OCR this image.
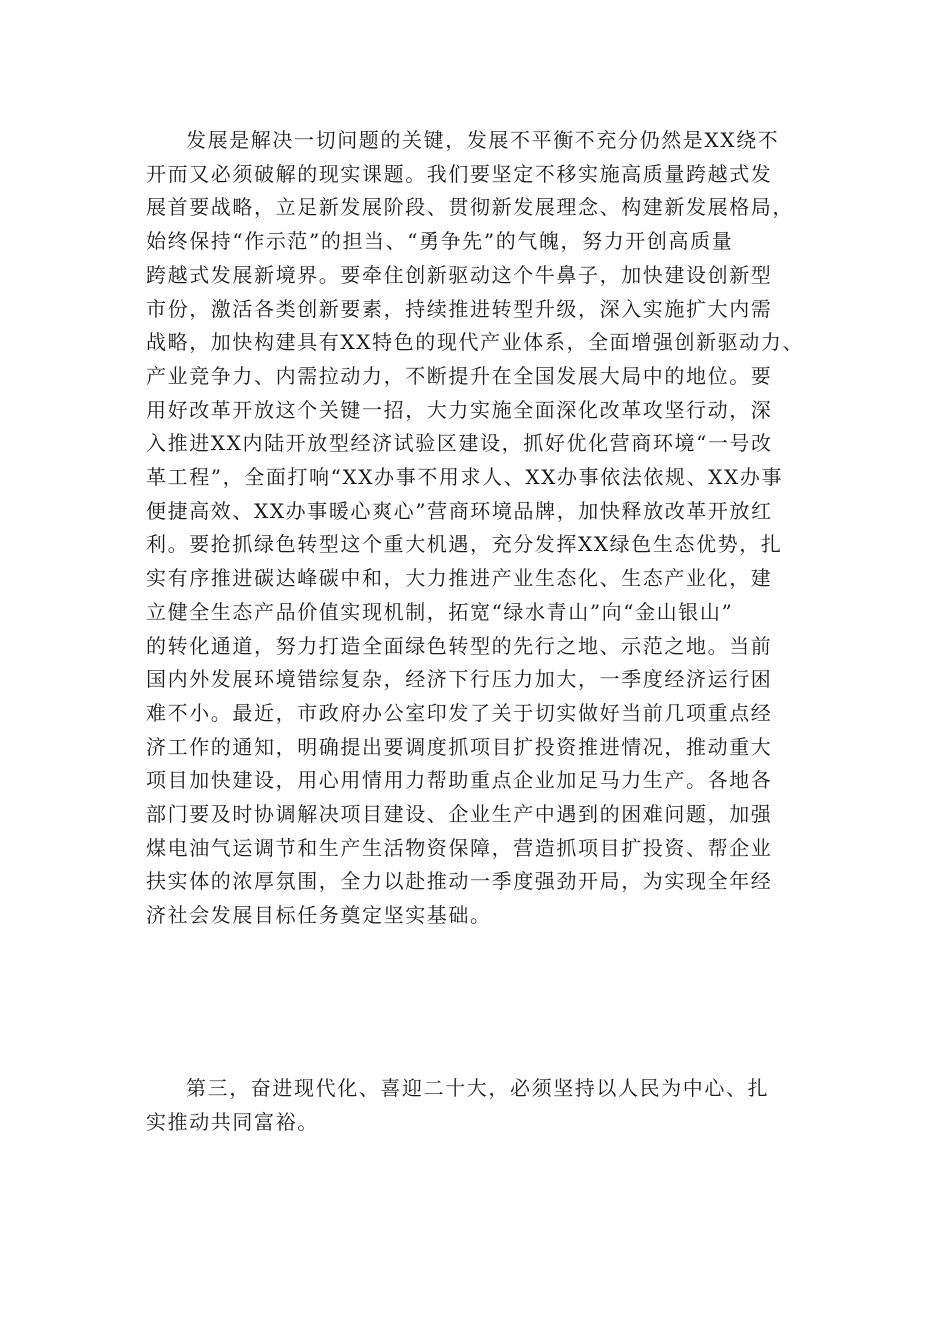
发展是解决一切问题的关键，发展不平衡不充分仍然是XX绕不
开而又必须破解的现实课题。我们要坚定不移实施高质量跨越式发
展首要战略，立足新发展阶段、贯彻新发展理念、构建新发展格局，
始终保持“作示范”的担当、“勇争先”的气魄，努力开创高质量
跨越式发展新境界。要牵住创新驱动这个牛鼻子，加快建设创新型
市份，激活各类创新要素，持续推进转型升级，深入实施扩大内需
战略，加快构建具有XX特色的现代产业体系，全面增强创新驱动力、
产业竞争力、内需拉动力，不断提升在全国发展大局中的地位。要
用好改革开放这个关键一招，大力实施全面深化改革攻坚行动，深
入推进XX内陆开放型经济试验区建设，抓好优化营商环境“一号改
革工程”，全面打响“XX办事不用求人、XX办事依法依规、XX办事
便捷高效、XX办事暖心爽心”营商环境品牌，加快释放改革开放红
利。要抢抓绿色转型这个重大机遇，充分发挥XX绿色生态优势，扎
实有序推进碳达峰碳中和，大力推进产业生态化、生态产业化，建
立健全生态产品价值实现机制，拓宽“绿水青山”向“金山银山”
的转化通道，努力打造全面绿色转型的先行之地、示范之地。当前
国内外发展环境错综复杂，经济下行压力加大，一季度经济运行困
难不小。最近，市政府办公室印发了关于切实做好当前几项重点经
济工作的通知，明确提出要调度抓项目扩投资推进情况，推动重大
项目加快建设，用心用情用力帮助重点企业加足马力生产。各地各
部门要及时协调解决项目建设、企业生产中遇到的困难问题，加强
煤电油气运调节和生产生活物资保障，营造抓项目扩投资、帮企业
扶实体的浓厚氛围，全力以赴推动一季度强劲开局，为实现全年经
济社会发展目标任务奠定坚实基础。
第三，奋进现代化、喜迎二十大，必须坚持以人民为中心、扎
实推动共同富裕。
